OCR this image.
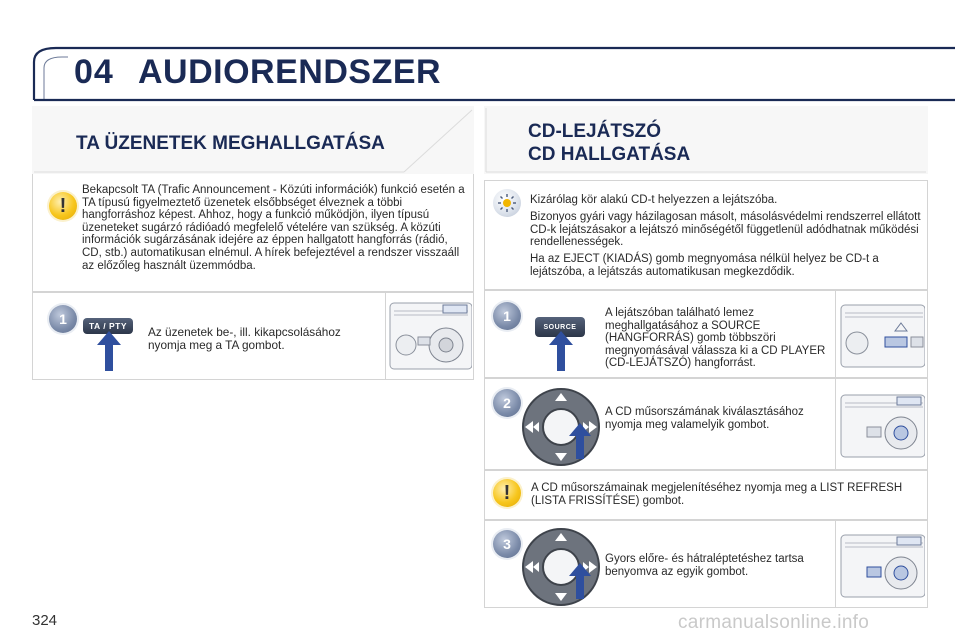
04 AUDIORENDSZER
TA ÜZENETEK MEGHALLGATÁSA
!
Bekapcsolt TA (Trafic Announcement - Közúti információk) funkció esetén a TA típusú figyelmeztető üzenetek elsőbbséget élveznek a többi hangforráshoz képest. Ahhoz, hogy a funkció működjön, ilyen típusú üzeneteket sugárzó rádióadó megfelelő vételére van szükség. A közúti információk sugárzásának idejére az éppen hallgatott hangforrás (rádió, CD, stb.) automatikusan elnémul. A hírek befejeztével a rendszer visszaáll az előzőleg használt üzemmódba.
1	TA / PTY	Az üzenetek be-, ill. kikapcsolásához nyomja meg a TA gombot.
CD-LEJÁTSZÓ
CD HALLGATÁSA
Kizárólag kör alakú CD-t helyezzen a lejátszóba.
Bizonyos gyári vagy házilagosan másolt, másolásvédelmi rendszerrel ellátott CD-k lejátszásakor a lejátszó minőségétől függetlenül adódhatnak működési rendellenességek.
Ha az EJECT (KIADÁS) gomb megnyomása nélkül helyez be CD-t a lejátszóba, a lejátszás automatikusan megkezdődik.
1
SOURCE
A lejátszóban található lemez meghallgatásához a SOURCE (HANGFORRÁS) gomb többszöri megnyomásával válassza ki a CD PLAYER (CD-LEJÁTSZÓ) hangforrást.
2
A CD műsorszámának kiválasztásához nyomja meg valamelyik gombot.
!	A CD műsorszámainak megjelenítéséhez nyomja meg a LIST REFRESH (LISTA FRISSÍTÉSE) gombot.
3
Gyors előre- és hátraléptetéshez tartsa benyomva az egyik gombot.
324	carmanualsonline.info
